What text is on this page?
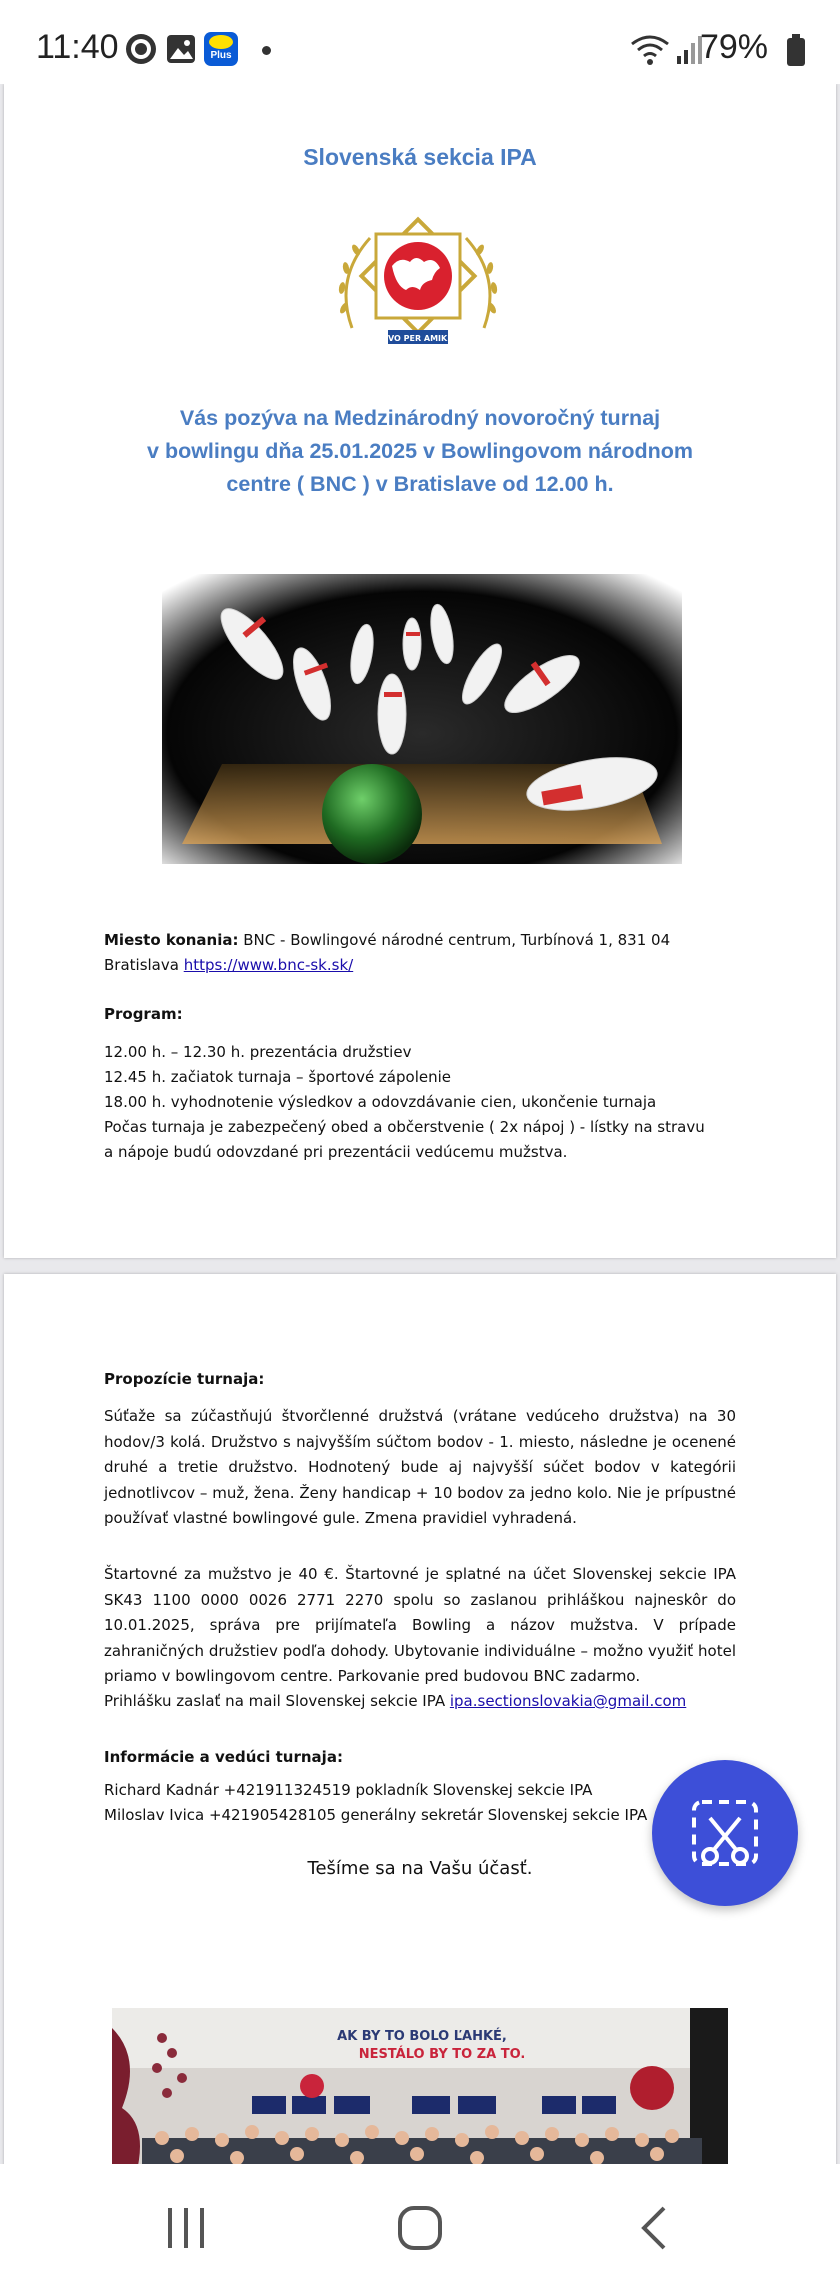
11:40	Plus	79%
Slovenská sekcia IPA
SERVO PER AMIKECO
Vás pozýva na Medzinárodný novoročný turnaj
v bowlingu dňa 25.01.2025 v Bowlingovom národnom
centre ( BNC ) v Bratislave od 12.00 h.
Miesto konania: BNC - Bowlingové národné centrum, Turbínová 1, 831 04
Bratislava https://www.bnc-sk.sk/
Program:
12.00 h. – 12.30 h. prezentácia družstiev
12.45 h. začiatok turnaja – športové zápolenie
18.00 h. vyhodnotenie výsledkov a odovzdávanie cien, ukončenie turnaja
Počas turnaja je zabezpečený obed a občerstvenie ( 2x nápoj ) - lístky na stravu
a nápoje budú odovzdané pri prezentácii vedúcemu mužstva.
Propozície turnaja:

Súťaže sa zúčastňujú štvorčlenné družstvá (vrátane vedúceho družstva) na 30 hodov/3 kolá. Družstvo s najvyšším súčtom bodov - 1. miesto, následne je ocenené druhé a tretie družstvo. Hodnotený bude aj najvyšší súčet bodov v kategórii jednotlivcov – muž, žena. Ženy handicap + 10 bodov za jedno kolo. Nie je prípustné používať vlastné bowlingové gule. Zmena pravidiel vyhradená.

Štartovné za mužstvo je 40 €. Štartovné je splatné na účet Slovenskej sekcie IPA SK43 1100 0000 0026 2771 2270 spolu so zaslanou prihláškou najneskôr do 10.01.2025, správa pre prijímateľa Bowling a názov mužstva. V prípade zahraničných družstiev podľa dohody. Ubytovanie individuálne – možno využiť hotel priamo v bowlingovom centre. Parkovanie pred budovou BNC zadarmo.

Prihlášku zaslať na mail Slovenskej sekcie IPA ipa.sectionslovakia@gmail.com
Informácie a vedúci turnaja:
Richard Kadnár +421911324519 pokladník Slovenskej sekcie IPA
Miloslav Ivica +421905428105 generálny sekretár Slovenskej sekcie IPA
Tešíme sa na Vašu účasť.
AK BY TO BOLO ĽAHKÉ,
NESTÁLO BY TO ZA TO.
